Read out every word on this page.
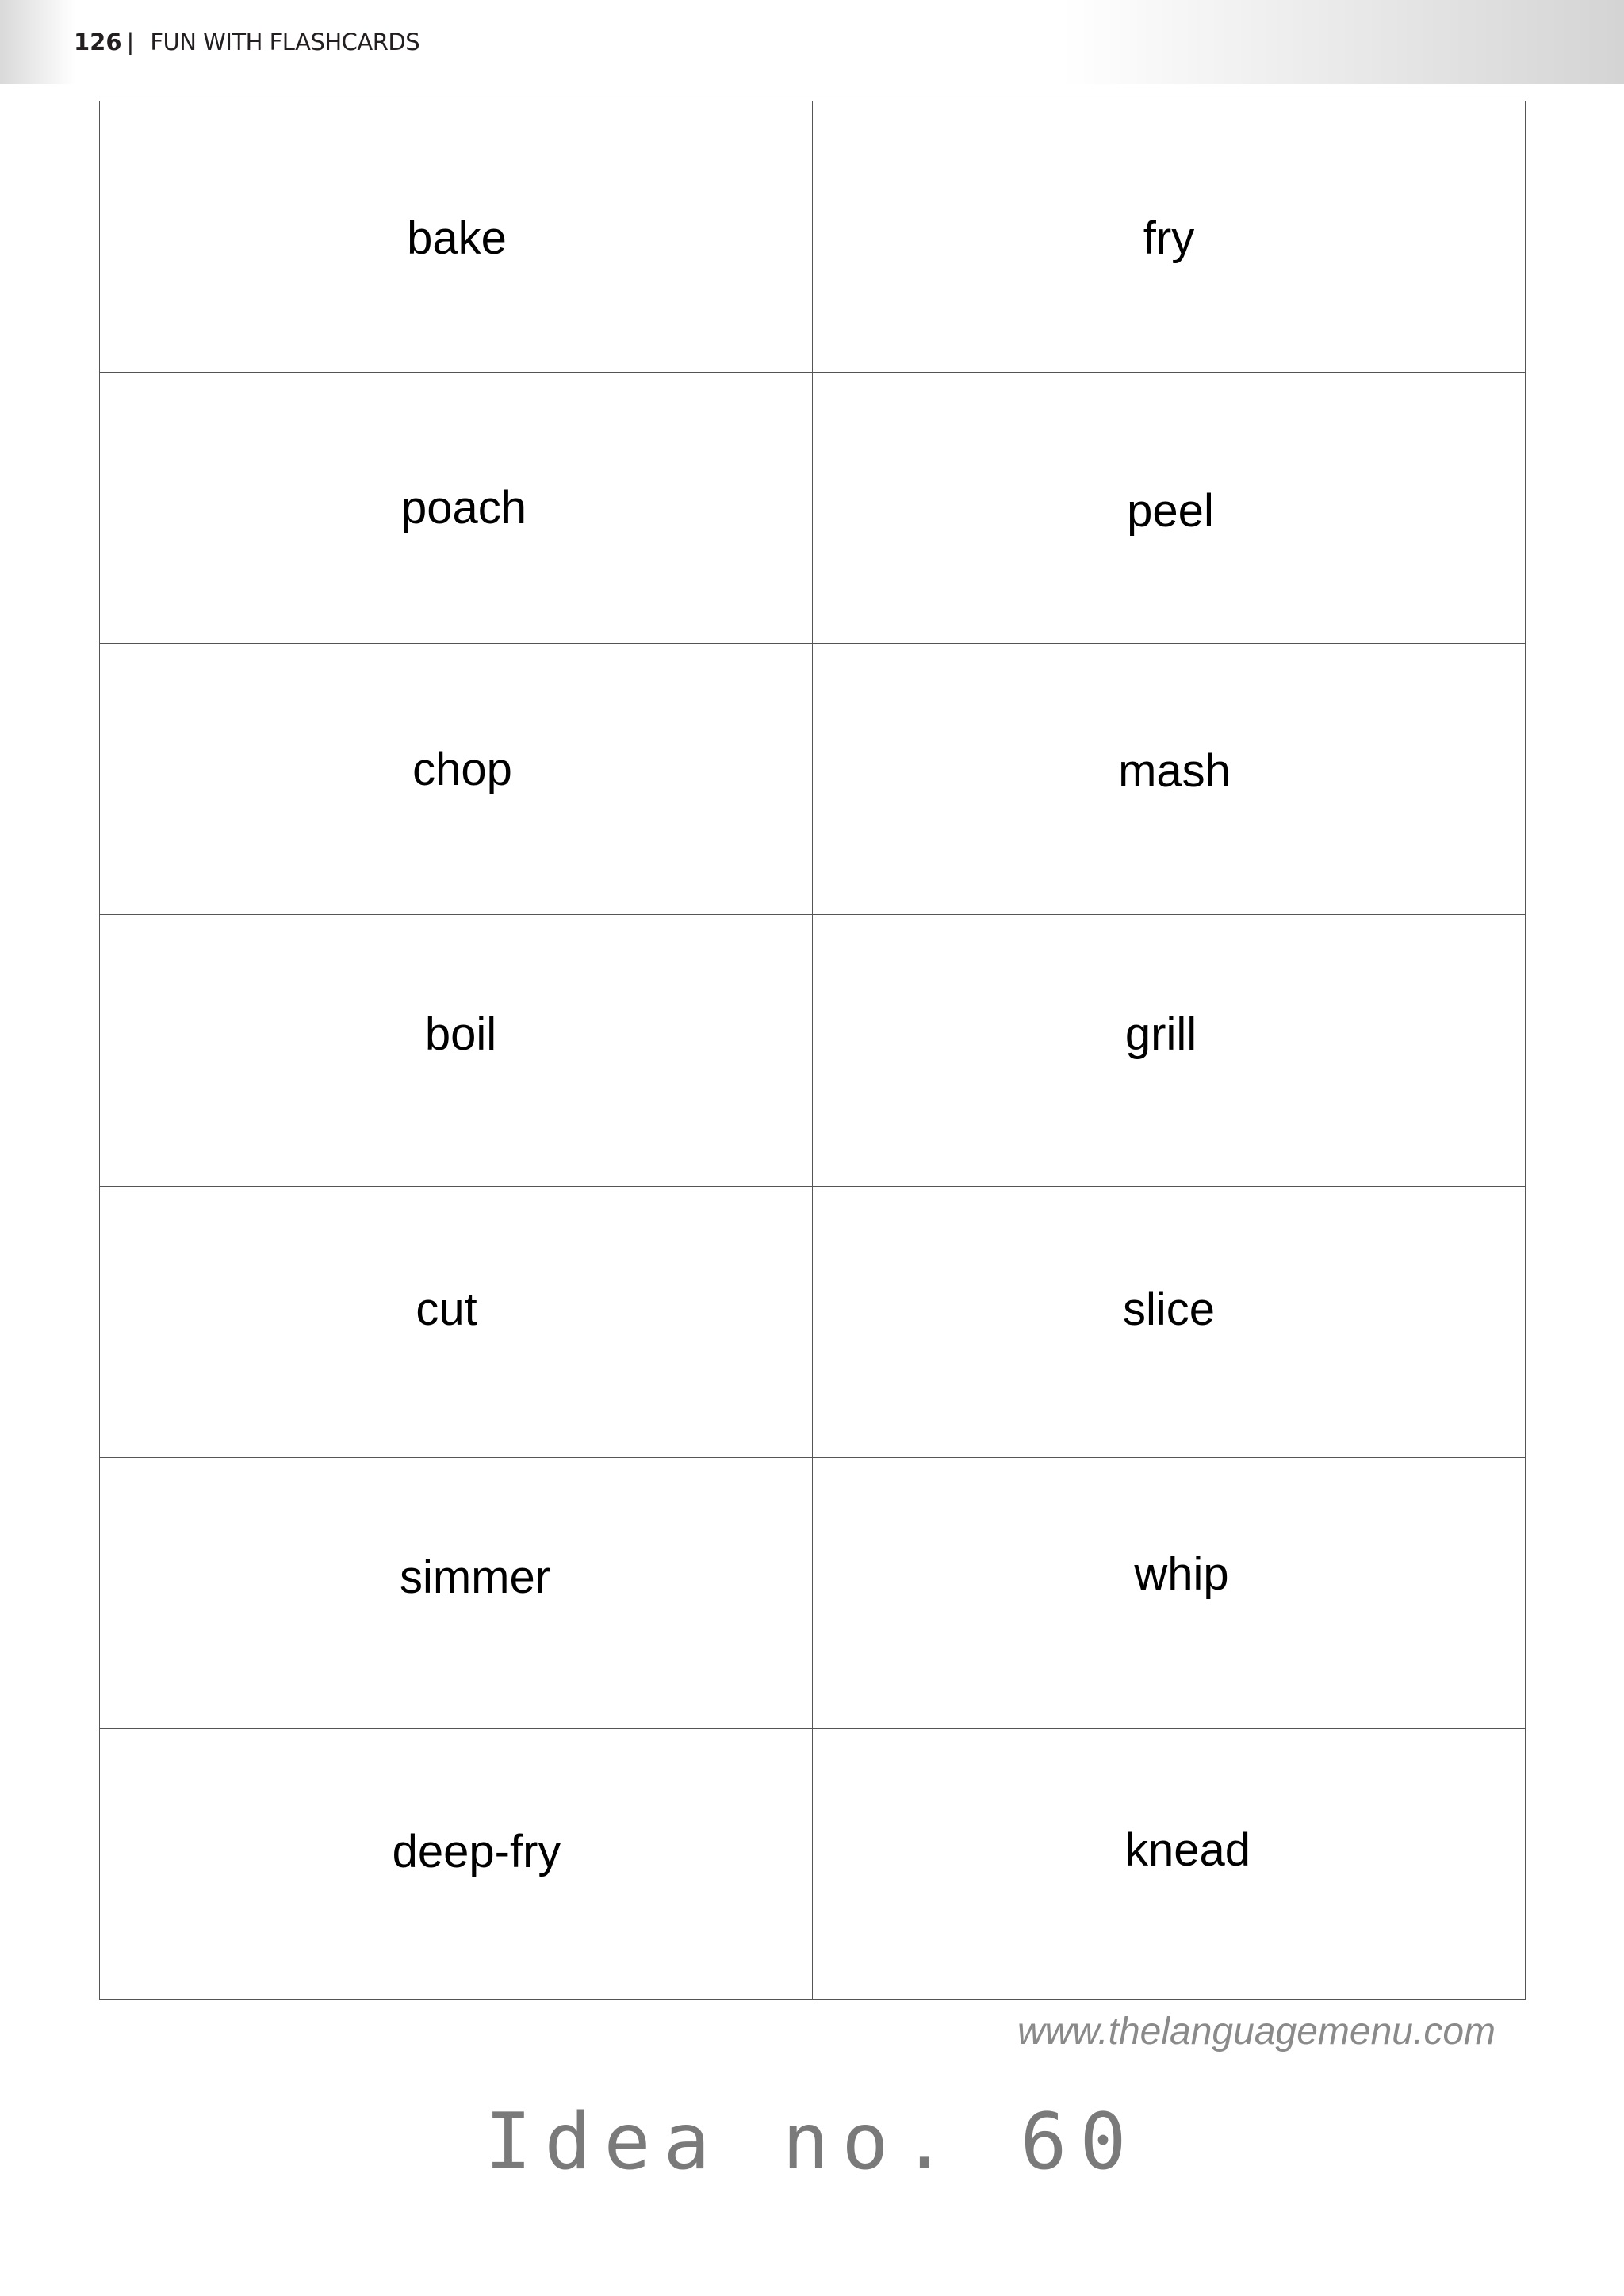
126 | FUN WITH FLASHCARDS
bake	fry
poach	peel
chop	mash
boil	grill
cut	slice
simmer	whip
deep-fry	knead
www.thelanguagemenu.com
Idea no. 60
